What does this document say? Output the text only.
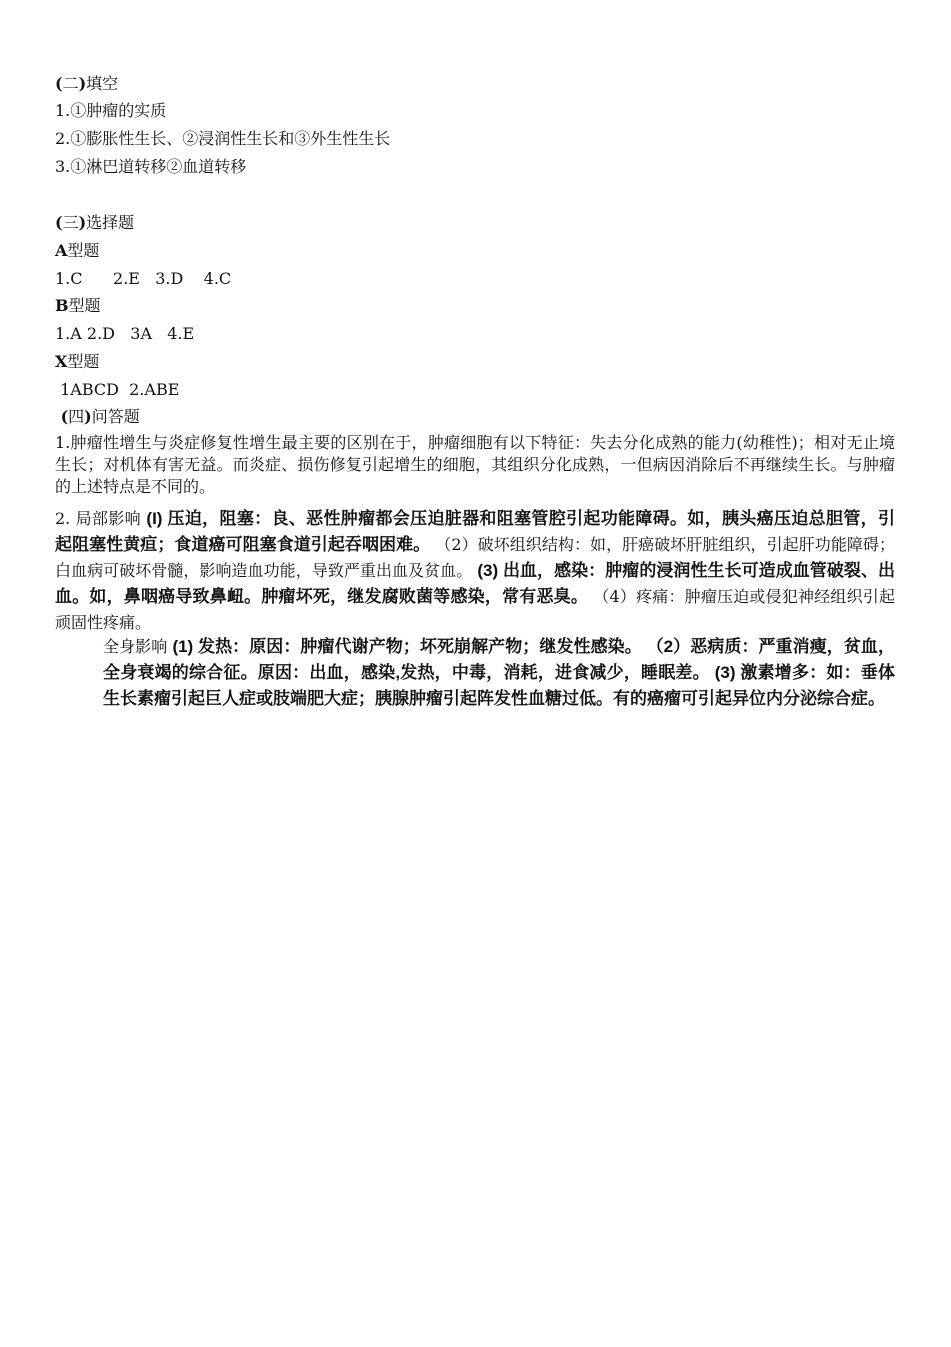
(二)填空
1.①肿瘤的实质
2.①膨胀性生长、②浸润性生长和③外生性生长
3.①淋巴道转移②血道转移
(三)选择题
A型题
1.C      2.E   3.D    4.C
B型题
1.A 2.D   3A   4.E
X型题
1ABCD  2.ABE
(四)问答题
1.肿瘤性增生与炎症修复性增生最主要的区别在于，肿瘤细胞有以下特征：失去分化成熟的能力(幼稚性)；相对无止境生长；对机体有害无益。而炎症、损伤修复引起增生的细胞，其组织分化成熟，一但病因消除后不再继续生长。与肿瘤的上述特点是不同的。
2. 局部影响 (I) 压迫，阻塞：良、恶性肿瘤都会压迫脏器和阻塞管腔引起功能障碍。如，胰头癌压迫总胆管，引起阻塞性黄疸；食道癌可阻塞食道引起吞咽困难。 （2）破坏组织结构：如，肝癌破坏肝脏组织，引起肝功能障碍；白血病可破坏骨髓，影响造血功能，导致严重出血及贫血。 (3) 出血，感染：肿瘤的浸润性生长可造成血管破裂、出血。如，鼻咽癌导致鼻衄。肿瘤坏死，继发腐败菌等感染，常有恶臭。 （4）疼痛：肿瘤压迫或侵犯神经组织引起顽固性疼痛。
全身影响 (1) 发热：原因：肿瘤代谢产物；坏死崩解产物；继发性感染。 （2）恶病质：严重消瘦，贫血，全身衰竭的综合征。原因：出血，感染,发热，中毒，消耗，进食减少，睡眠差。 (3) 激素增多：如：垂体生长素瘤引起巨人症或肢端肥大症；胰腺肿瘤引起阵发性血糖过低。有的癌瘤可引起异位内分泌综合症。
